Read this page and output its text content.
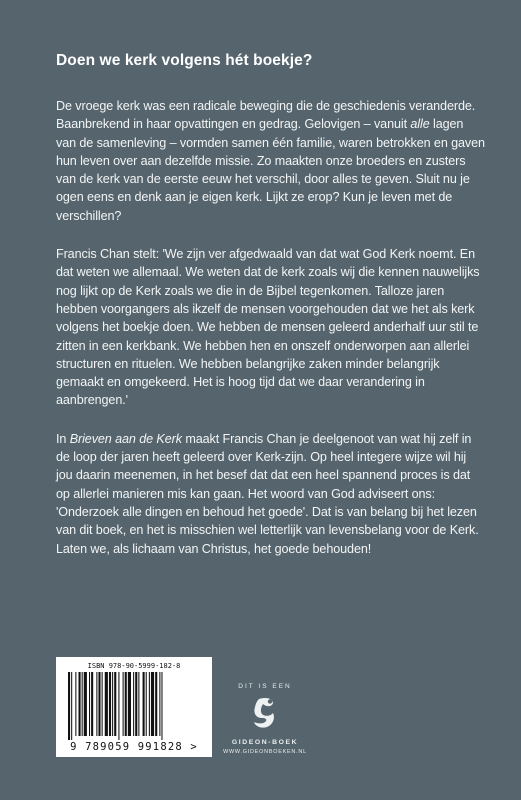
Doen we kerk volgens hét boekje?

De vroege kerk was een radicale beweging die de geschiedenis veranderde. Baanbrekend in haar opvattingen en gedrag. Gelovigen – vanuit alle lagen van de samenleving – vormden samen één familie, waren betrokken en gaven hun leven over aan dezelfde missie. Zo maakten onze broeders en zusters van de kerk van de eerste eeuw het verschil, door alles te geven. Sluit nu je ogen eens en denk aan je eigen kerk. Lijkt ze erop? Kun je leven met de verschillen?

Francis Chan stelt: 'We zijn ver afgedwaald van dat wat God Kerk noemt. En dat weten we allemaal. We weten dat de kerk zoals wij die kennen nauwelijks nog lijkt op de Kerk zoals we die in de Bijbel tegenkomen. Talloze jaren hebben voorgangers als ikzelf de mensen voorgehouden dat we het als kerk volgens het boekje doen. We hebben de mensen geleerd anderhalf uur stil te zitten in een kerkbank. We hebben hen en onszelf onderworpen aan allerlei structuren en rituelen. We hebben belangrijke zaken minder belangrijk gemaakt en omgekeerd. Het is hoog tijd dat we daar verandering in aanbrengen.'

In Brieven aan de Kerk maakt Francis Chan je deelgenoot van wat hij zelf in de loop der jaren heeft geleerd over Kerk-zijn. Op heel integere wijze wil hij jou daarin meenemen, in het besef dat dat een heel spannend proces is dat op allerlei manieren mis kan gaan. Het woord van God adviseert ons: 'Onderzoek alle dingen en behoud het goede'. Dat is van belang bij het lezen van dit boek, en het is misschien wel letterlijk van levensbelang voor de Kerk. Laten we, als lichaam van Christus, het goede behouden!

ISBN 978-90-5999-182-8
9 789059 991828 >
DIT IS EEN
GIDEON-BOEK
WWW.GIDEONBOEKEN.NL
